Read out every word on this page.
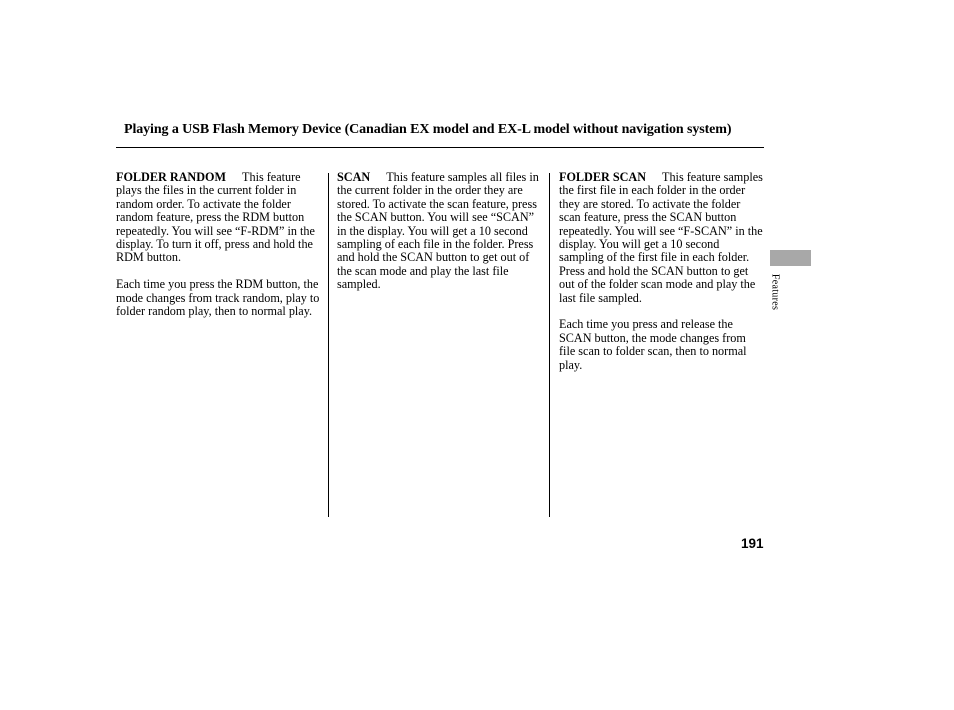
Playing a USB Flash Memory Device (Canadian EX model and EX-L model without navigation system)

FOLDER RANDOM This feature plays the files in the current folder in random order. To activate the folder random feature, press the RDM button repeatedly. You will see “F-RDM” in the display. To turn it off, press and hold the RDM button.

Each time you press the RDM button, the mode changes from track random, play to folder random play, then to normal play.

SCAN This feature samples all files in the current folder in the order they are stored. To activate the scan feature, press the SCAN button. You will see “SCAN” in the display. You will get a 10 second sampling of each file in the folder. Press and hold the SCAN button to get out of the scan mode and play the last file sampled.

FOLDER SCAN This feature samples the first file in each folder in the order they are stored. To activate the folder scan feature, press the SCAN button repeatedly. You will see “F-SCAN” in the display. You will get a 10 second sampling of the first file in each folder. Press and hold the SCAN button to get out of the folder scan mode and play the last file sampled.

Each time you press and release the SCAN button, the mode changes from file scan to folder scan, then to normal play.

Features
191
